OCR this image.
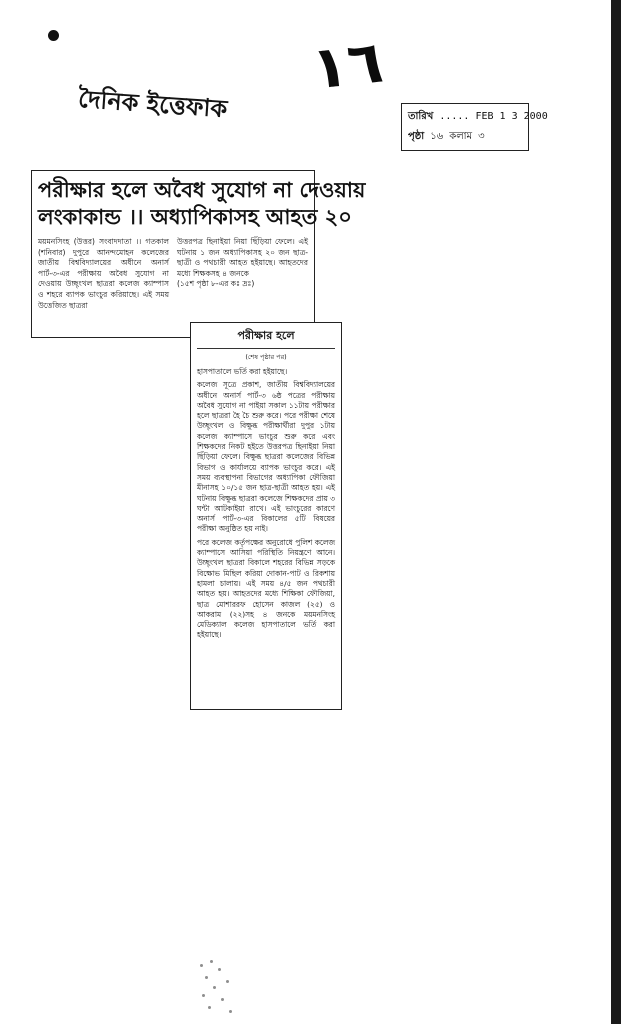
١٦
দৈনিক ইত্তেফাক	তারিখ ..... FEB 1 3 2000
পৃষ্ঠা ১৬ কলাম ৩
পরীক্ষার হলে অবৈধ সুযোগ না দেওয়ায়
লংকাকান্ড ।। অধ্যাপিকাসহ আহত ২০

ময়মনসিংহ (উত্তর) সংবাদদাতা ।। গতকাল (শনিবার) দুপুরে আনন্দমোহন কলেজের জাতীয় বিশ্ববিদ্যালয়ের অধীনে অনার্স পার্ট-৩-এর পরীক্ষায় অবৈধ সুযোগ না দেওয়ায় উচ্ছৃংখল ছাত্ররা কলেজ ক্যাম্পাস ও শহরে ব্যাপক ভাংচুর করিয়াছে। এই সময় উত্তেজিত ছাত্ররা

উত্তরপত্র ছিনাইয়া নিয়া ছিঁড়িয়া ফেলে। এই ঘটনায় ১ জন অধ্যাপিকাসহ ২০ জন ছাত্র-ছাত্রী ও পথচারী আহত হইয়াছে। আহতদের মধ্যে শিক্ষকসহ ৪ জনকে

(১৫শ পৃষ্ঠা ৮-এর কঃ দ্রঃ)

পরীক্ষার হলে
(শেষ পৃষ্ঠার পর)

হাসপাতালে ভর্তি করা হইয়াছে।

কলেজ সূত্রে প্রকাশ, জাতীয় বিশ্ববিদ্যালয়ের অধীনে অনার্স পার্ট-৩ ৬ষ্ঠ পত্রের পরীক্ষায় অবৈধ সুযোগ না পাইয়া সকাল ১১টায় পরীক্ষার হলে ছাত্ররা হৈ চৈ শুরু করে। পরে পরীক্ষা শেষে উচ্ছৃংখল ও বিক্ষুব্ধ পরীক্ষার্থীরা দুপুর ১টায় কলেজ ক্যাম্পাসে ভাংচুর শুরু করে এবং শিক্ষকদের নিকট হইতে উত্তরপত্র ছিনাইয়া নিয়া ছিঁড়িয়া ফেলে। বিক্ষুব্ধ ছাত্ররা কলেজের বিভিন্ন বিভাগ ও কার্যালয়ে ব্যাপক ভাংচুর করে। এই সময় ব্যবস্থাপনা বিভাগের অধ্যাপিকা ফৌজিয়া মীনাসহ ১০/১৫ জন ছাত্র-ছাত্রী আহত হয়। এই ঘটনায় বিক্ষুব্ধ ছাত্ররা কলেজে শিক্ষকদের প্রায় ৩ ঘন্টা আটকাইয়া রাখে। এই ভাংচুরের কারণে অনার্স পার্ট-৩-এর বিকালের ৫টি বিষয়ের পরীক্ষা অনুষ্ঠিত হয় নাই।

পরে কলেজ কর্তৃপক্ষের অনুরোধে পুলিশ কলেজ ক্যাম্পাসে আসিয়া পরিস্থিতি নিয়ন্ত্রণে আনে। উচ্ছৃংখল ছাত্ররা বিকালে শহরের বিভিন্ন সড়কে বিক্ষোভ মিছিল করিয়া দোকান-পাট ও রিকশায় হামলা চালায়। এই সময় ৪/৫ জন পথচারী আহত হয়। আহতদের মধ্যে শিক্ষিকা ফৌজিয়া, ছাত্র মোশাররফ হোসেন কাজল (২৫) ও আকরাম (২২)সহ ৪ জনকে ময়মনসিংহ মেডিক্যাল কলেজ হাসপাতালে ভর্তি করা হইয়াছে।
